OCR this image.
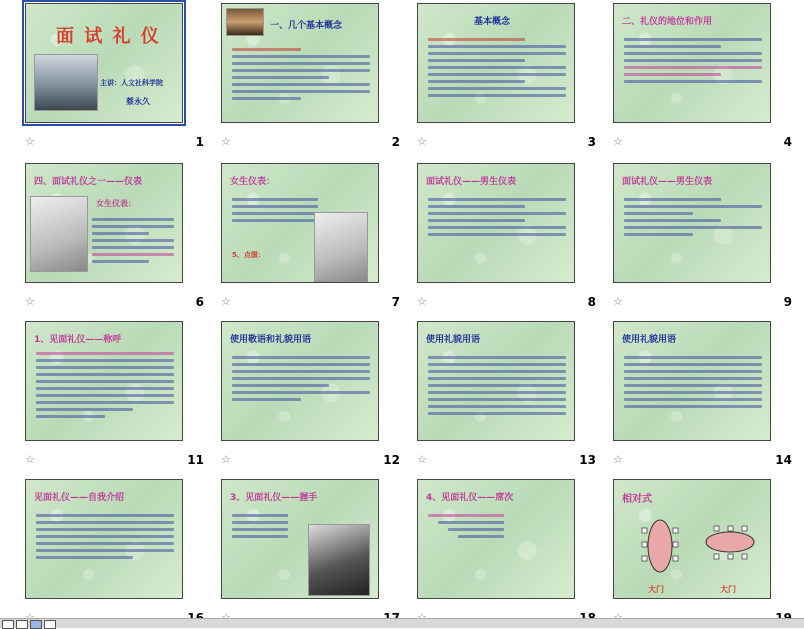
面 试 礼 仪
主讲：人文社科学院
蔡永久
☆	1
一、几个基本概念
☆	2
基本概念
☆	3
二、礼仪的地位和作用
☆	4
四、面试礼仪之一——仪表
女生仪表：
☆	6
女生仪表：
5、点缀：
☆	7
面试礼仪——男生仪表
☆	8
面试礼仪——男生仪表
☆	9
1、见面礼仪——称呼
☆	11
使用敬语和礼貌用语
☆	12
使用礼貌用语
☆	13
使用礼貌用语
☆	14
见面礼仪——自我介绍	3、见面礼仪——握手	4、见面礼仪——席次	相对式
大门	大门
